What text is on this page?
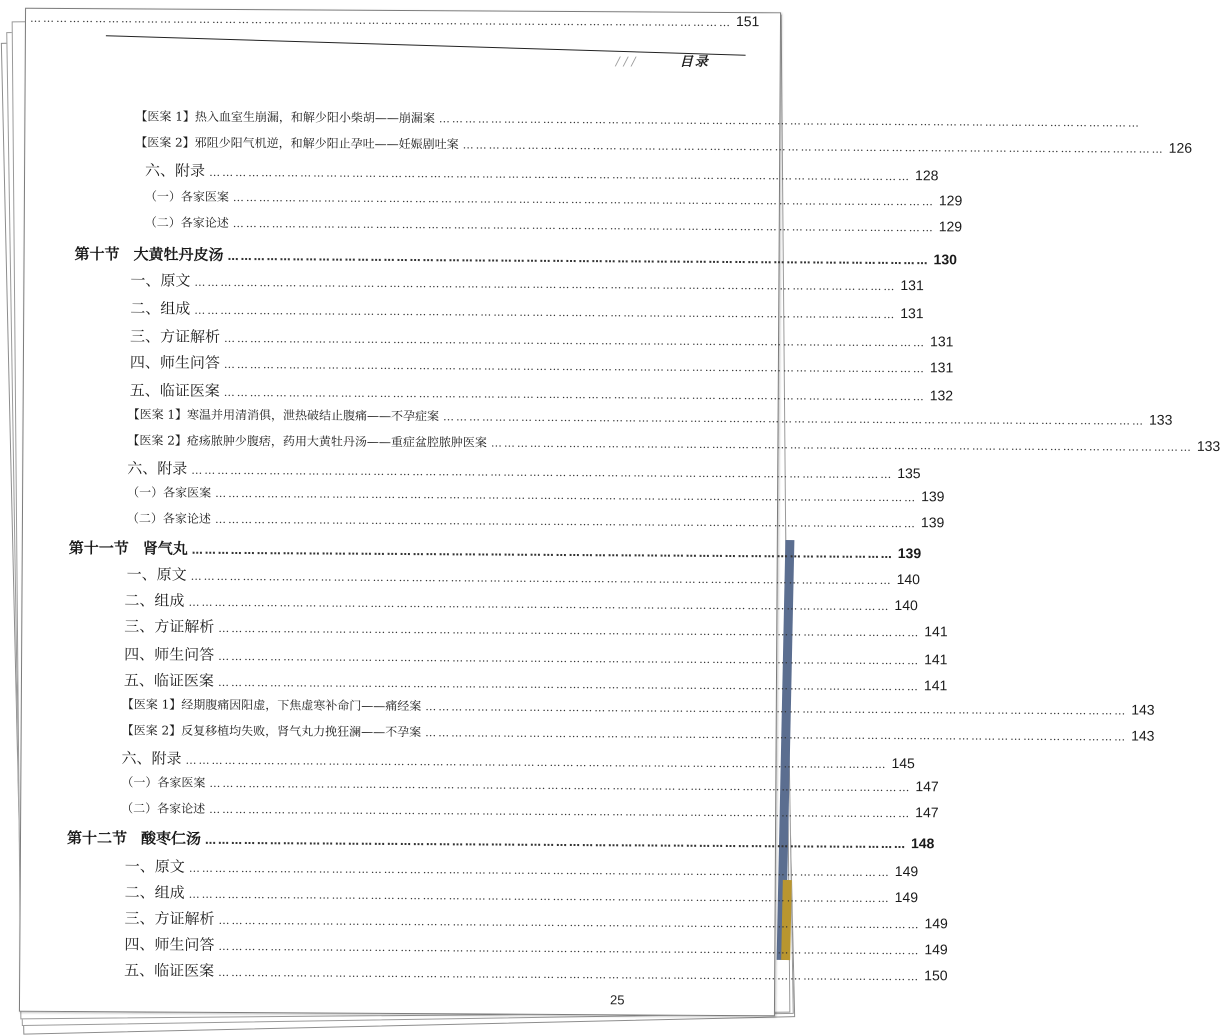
/ / /	目录
【医案 1】热入血室生崩漏，和解少阳小柴胡——崩漏案 ………………………………………………………………………………………………………………………………………………
【医案 2】邪阻少阳气机逆，和解少阳止孕吐——妊娠剧吐案 ……………………………………………………………………………………………………………………………………………… 126
六、附录 ……………………………………………………………………………………………………………………………………………… 128
（一）各家医案 ……………………………………………………………………………………………………………………………………………… 129
（二）各家论述 ……………………………………………………………………………………………………………………………………………… 129
第十节 大黄牡丹皮汤 ……………………………………………………………………………………………………………………………………………… 130
一、原文 ……………………………………………………………………………………………………………………………………………… 131
二、组成 ……………………………………………………………………………………………………………………………………………… 131
三、方证解析 ……………………………………………………………………………………………………………………………………………… 131
四、师生问答 ……………………………………………………………………………………………………………………………………………… 131
五、临证医案 ……………………………………………………………………………………………………………………………………………… 132
【医案 1】寒温并用清消俱，泄热破结止腹痛——不孕症案 ……………………………………………………………………………………………………………………………………………… 133
【医案 2】疮疡脓肿少腹痞，药用大黄牡丹汤——重症盆腔脓肿医案 ……………………………………………………………………………………………………………………………………………… 133
六、附录 ……………………………………………………………………………………………………………………………………………… 135
（一）各家医案 ……………………………………………………………………………………………………………………………………………… 139
（二）各家论述 ……………………………………………………………………………………………………………………………………………… 139
第十一节 肾气丸 ……………………………………………………………………………………………………………………………………………… 139
一、原文 ……………………………………………………………………………………………………………………………………………… 140
二、组成 ……………………………………………………………………………………………………………………………………………… 140
三、方证解析 ……………………………………………………………………………………………………………………………………………… 141
四、师生问答 ……………………………………………………………………………………………………………………………………………… 141
五、临证医案 ……………………………………………………………………………………………………………………………………………… 141
【医案 1】经期腹痛因阳虚，下焦虚寒补命门——痛经案 ……………………………………………………………………………………………………………………………………………… 143
【医案 2】反复移植均失败，肾气丸力挽狂澜——不孕案 ……………………………………………………………………………………………………………………………………………… 143
六、附录 ……………………………………………………………………………………………………………………………………………… 145
（一）各家医案 ……………………………………………………………………………………………………………………………………………… 147
（二）各家论述 ……………………………………………………………………………………………………………………………………………… 147
第十二节 酸枣仁汤 ……………………………………………………………………………………………………………………………………………… 148
一、原文 ……………………………………………………………………………………………………………………………………………… 149
二、组成 ……………………………………………………………………………………………………………………………………………… 149
三、方证解析 ……………………………………………………………………………………………………………………………………………… 149
四、师生问答 ……………………………………………………………………………………………………………………………………………… 149
五、临证医案 ……………………………………………………………………………………………………………………………………………… 150
……………………………………………………………………………………………………………………………………………… 151
25
